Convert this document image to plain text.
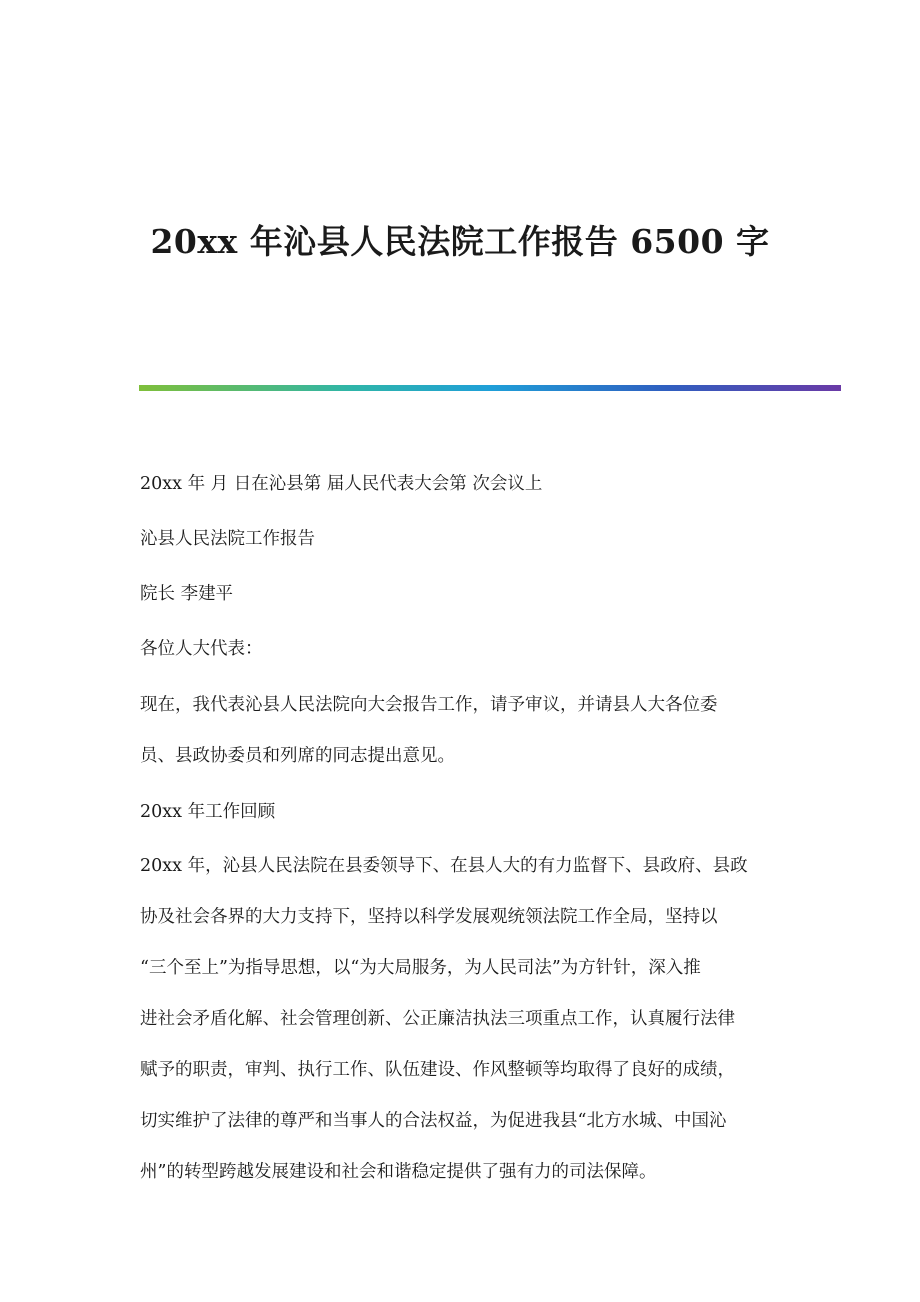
20xx 年沁县人民法院工作报告 6500 字

20xx 年 月 日在沁县第 届人民代表大会第 次会议上

沁县人民法院工作报告

院长 李建平

各位人大代表：

现在，我代表沁县人民法院向大会报告工作，请予审议，并请县人大各位委
员、县政协委员和列席的同志提出意见。

20xx 年工作回顾

20xx 年，沁县人民法院在县委领导下、在县人大的有力监督下、县政府、县政
协及社会各界的大力支持下，坚持以科学发展观统领法院工作全局，坚持以
“三个至上”为指导思想，以“为大局服务，为人民司法”为方针针，深入推
进社会矛盾化解、社会管理创新、公正廉洁执法三项重点工作，认真履行法律
赋予的职责，审判、执行工作、队伍建设、作风整顿等均取得了良好的成绩，
切实维护了法律的尊严和当事人的合法权益，为促进我县“北方水城、中国沁
州”的转型跨越发展建设和社会和谐稳定提供了强有力的司法保障。
